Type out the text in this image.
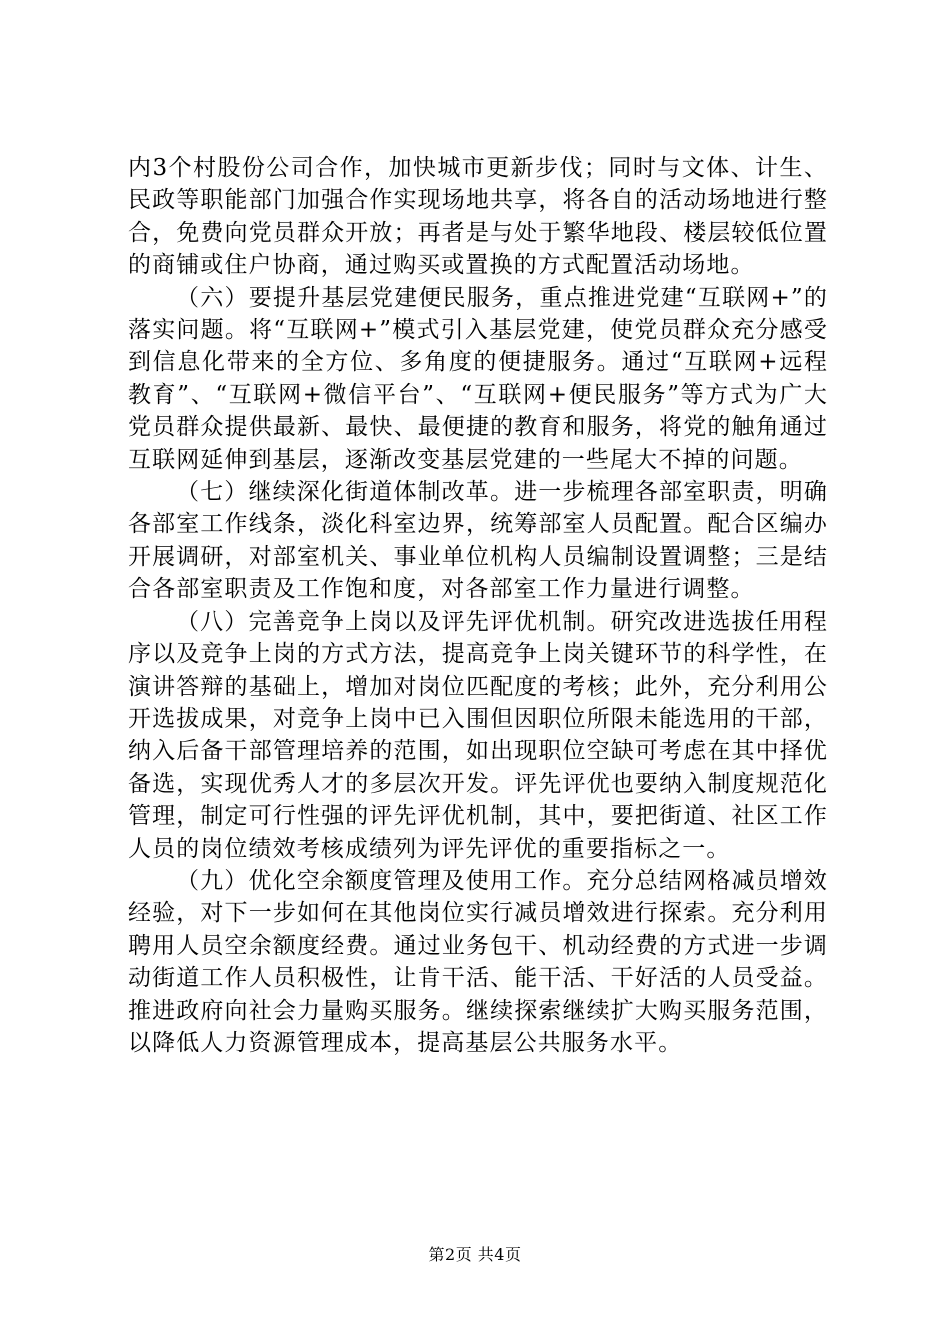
内3个村股份公司合作，加快城市更新步伐；同时与文体、计生、民政等职能部门加强合作实现场地共享，将各自的活动场地进行整合，免费向党员群众开放；再者是与处于繁华地段、楼层较低位置的商铺或住户协商，通过购买或置换的方式配置活动场地。

（六）要提升基层党建便民服务，重点推进党建“互联网+”的落实问题。将“互联网+”模式引入基层党建，使党员群众充分感受到信息化带来的全方位、多角度的便捷服务。通过“互联网+远程教育”、“互联网+微信平台”、“互联网+便民服务”等方式为广大党员群众提供最新、最快、最便捷的教育和服务，将党的触角通过互联网延伸到基层，逐渐改变基层党建的一些尾大不掉的问题。

（七）继续深化街道体制改革。进一步梳理各部室职责，明确各部室工作线条，淡化科室边界，统筹部室人员配置。配合区编办开展调研，对部室机关、事业单位机构人员编制设置调整；三是结合各部室职责及工作饱和度，对各部室工作力量进行调整。

（八）完善竞争上岗以及评先评优机制。研究改进选拔任用程序以及竞争上岗的方式方法，提高竞争上岗关键环节的科学性，在演讲答辩的基础上，增加对岗位匹配度的考核；此外，充分利用公开选拔成果，对竞争上岗中已入围但因职位所限未能选用的干部，纳入后备干部管理培养的范围，如出现职位空缺可考虑在其中择优备选，实现优秀人才的多层次开发。评先评优也要纳入制度规范化管理，制定可行性强的评先评优机制，其中，要把街道、社区工作人员的岗位绩效考核成绩列为评先评优的重要指标之一。

（九）优化空余额度管理及使用工作。充分总结网格减员增效经验，对下一步如何在其他岗位实行减员增效进行探索。充分利用聘用人员空余额度经费。通过业务包干、机动经费的方式进一步调动街道工作人员积极性，让肯干活、能干活、干好活的人员受益。推进政府向社会力量购买服务。继续探索继续扩大购买服务范围，以降低人力资源管理成本，提高基层公共服务水平。

第2页 共4页
